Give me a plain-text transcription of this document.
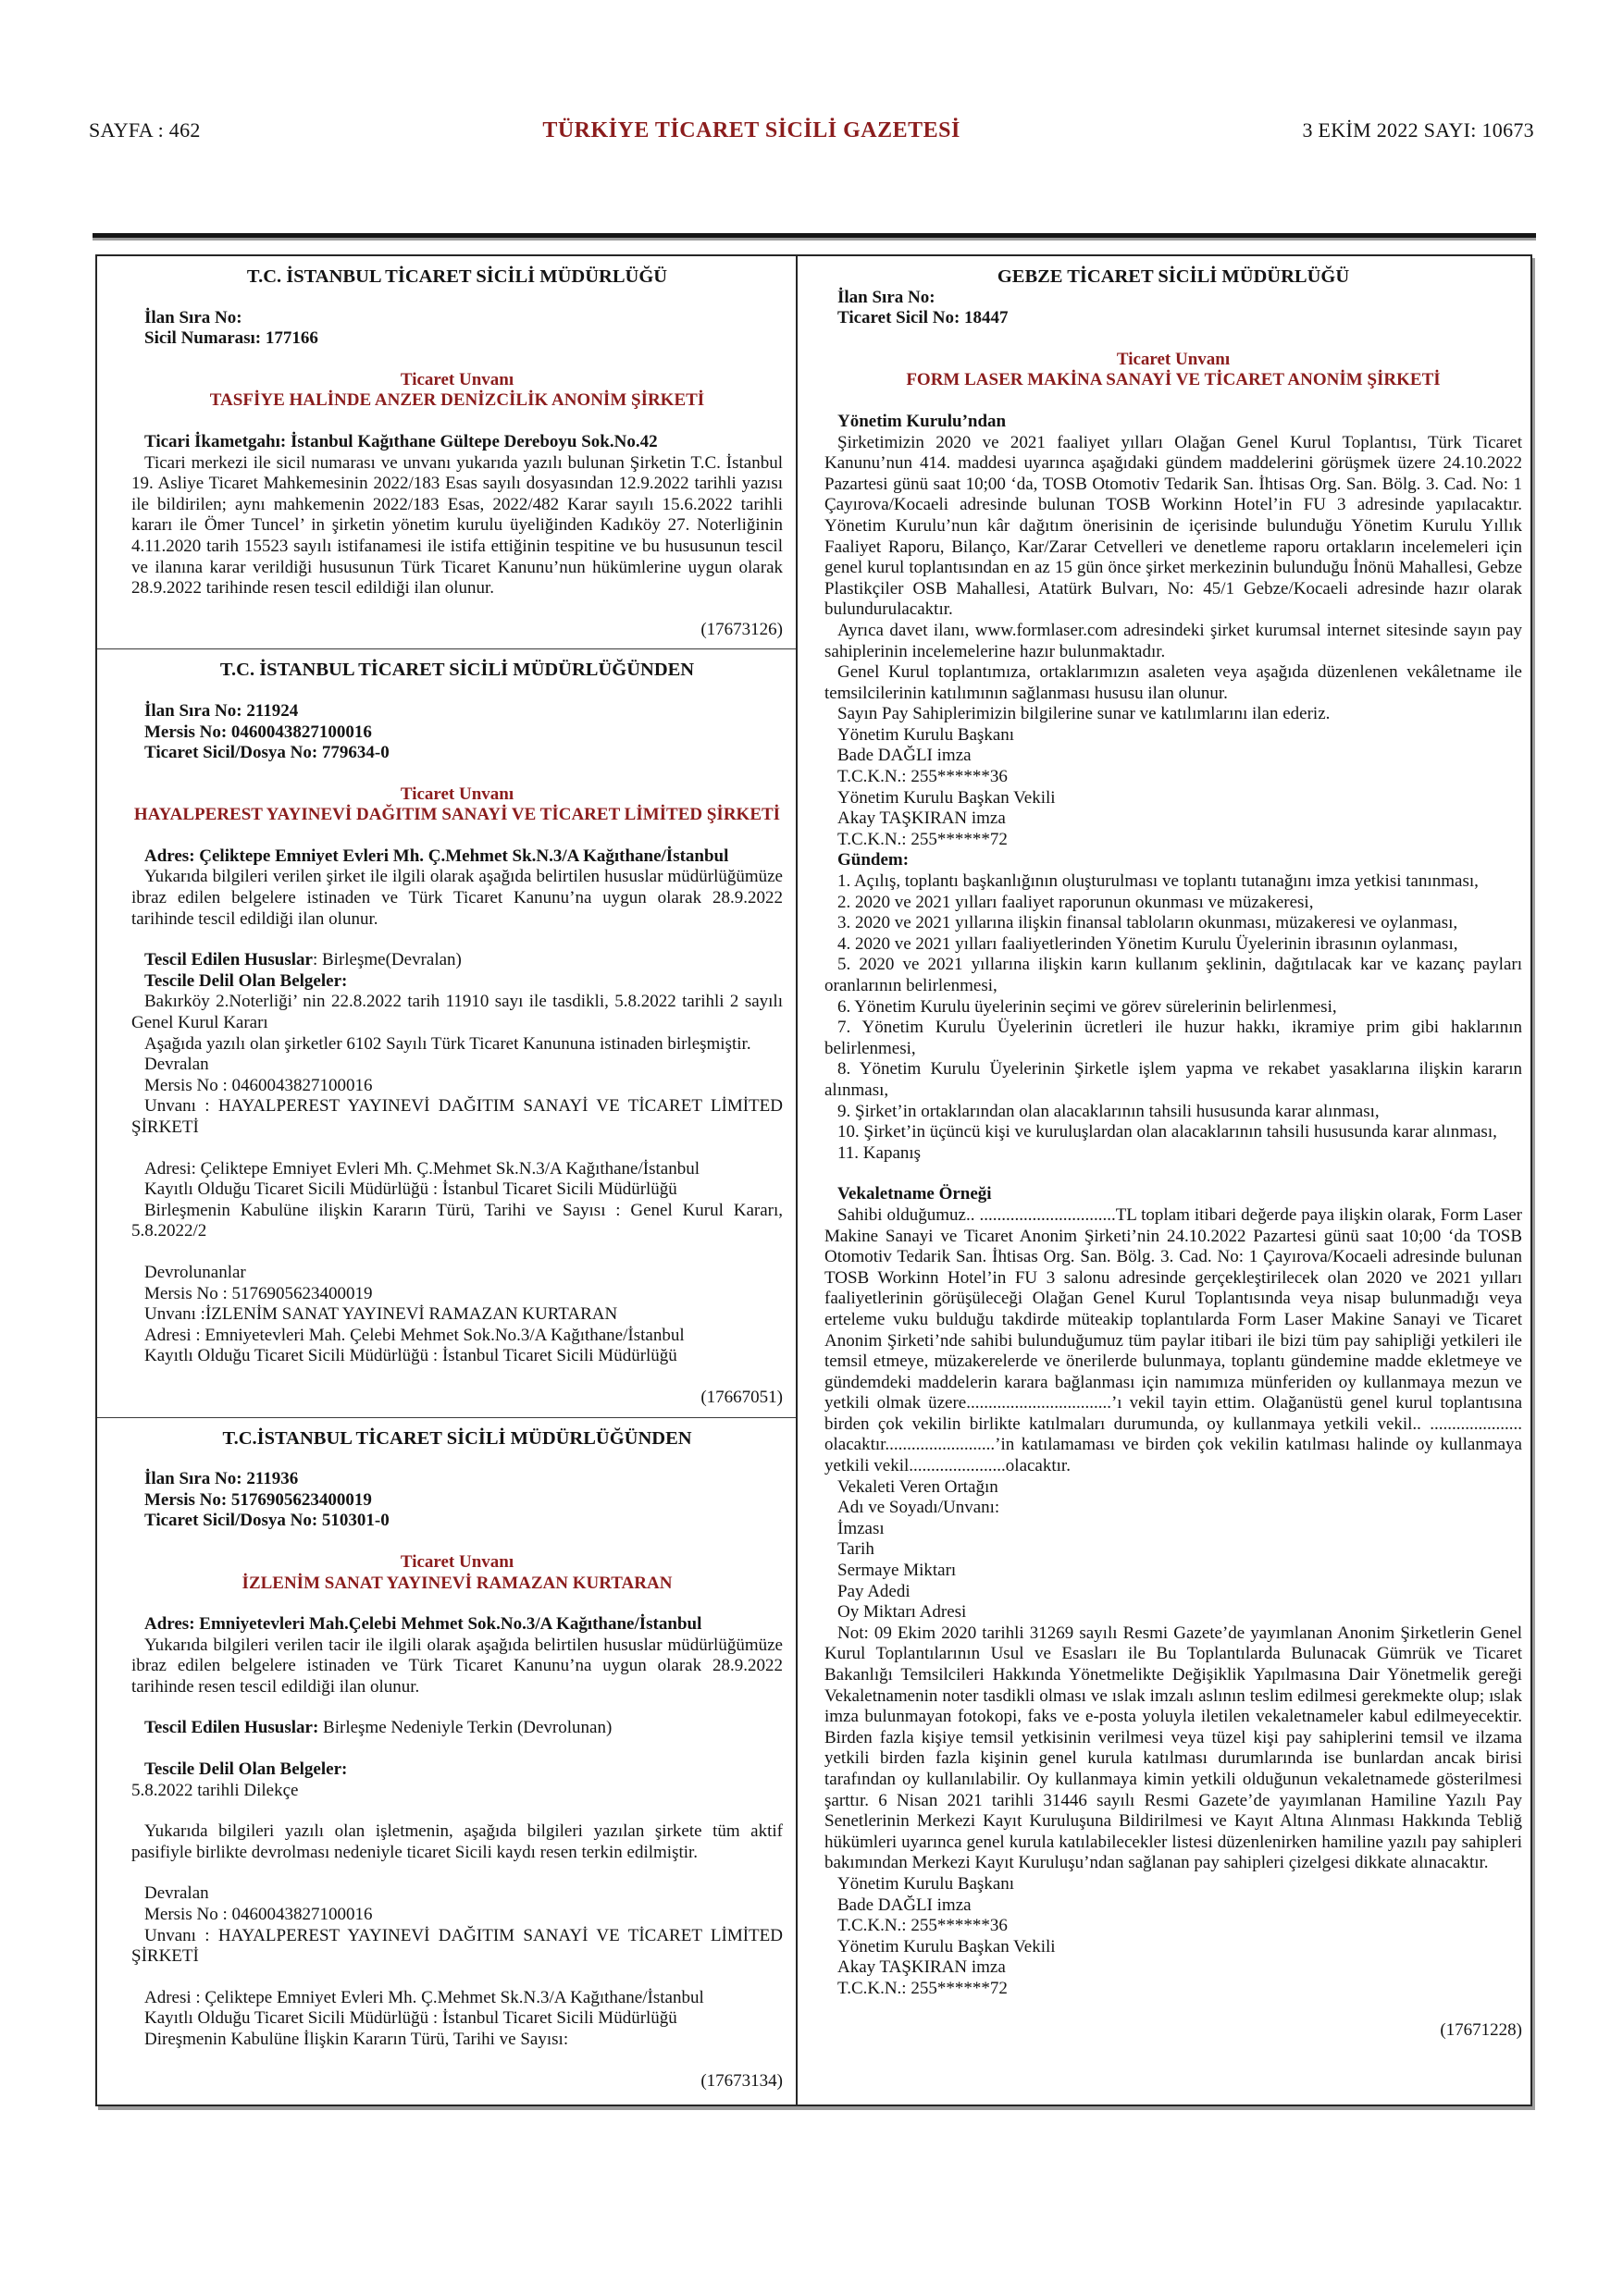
SAYFA : 462	TÜRKİYE TİCARET SİCİLİ GAZETESİ	3 EKİM 2022 SAYI: 10673
T.C. İSTANBUL TİCARET SİCİLİ MÜDÜRLÜĞÜ
İlan Sıra No:
Sicil Numarası: 177166
Ticaret Unvanı
TASFİYE HALİNDE ANZER DENİZCİLİK ANONİM ŞİRKETİ

Ticari İkametgahı: İstanbul Kağıthane Gültepe Dereboyu Sok.No.42

Ticari merkezi ile sicil numarası ve unvanı yukarıda yazılı bulunan Şirketin T.C. İstanbul 19. Asliye Ticaret Mahkemesinin 2022/183 Esas sayılı dosyasından 12.9.2022 tarihli yazısı ile bildirilen; aynı mahkemenin 2022/183 Esas, 2022/482 Karar sayılı 15.6.2022 tarihli kararı ile Ömer Tuncel’ in şirketin yönetim kurulu üyeliğinden Kadıköy 27. Noterliğinin 4.11.2020 tarih 15523 sayılı istifanamesi ile istifa ettiğinin tespitine ve bu hususunun tescil ve ilanına karar verildiği hususunun Türk Ticaret Kanunu’nun hükümlerine uygun olarak 28.9.2022 tarihinde resen tescil edildiği ilan olunur.

(17673126)

T.C. İSTANBUL TİCARET SİCİLİ MÜDÜRLÜĞÜNDEN
İlan Sıra No: 211924
Mersis No: 0460043827100016
Ticaret Sicil/Dosya No: 779634-0
Ticaret Unvanı
HAYALPEREST YAYINEVİ DAĞITIM SANAYİ VE TİCARET LİMİTED ŞİRKETİ

Adres: Çeliktepe Emniyet Evleri Mh. Ç.Mehmet Sk.N.3/A Kağıthane/İstanbul

Yukarıda bilgileri verilen şirket ile ilgili olarak aşağıda belirtilen hususlar müdürlüğümüze ibraz edilen belgelere istinaden ve Türk Ticaret Kanunu’na uygun olarak 28.9.2022 tarihinde tescil edildiği ilan olunur.

Tescil Edilen Hususlar: Birleşme(Devralan)

Tescile Delil Olan Belgeler:

Bakırköy 2.Noterliği’ nin 22.8.2022 tarih 11910 sayı ile tasdikli, 5.8.2022 tarihli 2 sayılı Genel Kurul Kararı

Aşağıda yazılı olan şirketler 6102 Sayılı Türk Ticaret Kanununa istinaden birleşmiştir.

Devralan

Mersis No : 0460043827100016

Unvanı : HAYALPEREST YAYINEVİ DAĞITIM SANAYİ VE TİCARET LİMİTED ŞİRKETİ

Adresi: Çeliktepe Emniyet Evleri Mh. Ç.Mehmet Sk.N.3/A Kağıthane/İstanbul

Kayıtlı Olduğu Ticaret Sicili Müdürlüğü : İstanbul Ticaret Sicili Müdürlüğü

Birleşmenin Kabulüne ilişkin Kararın Türü, Tarihi ve Sayısı : Genel Kurul Kararı, 5.8.2022/2

Devrolunanlar

Mersis No : 5176905623400019

Unvanı :İZLENİM SANAT YAYINEVİ RAMAZAN KURTARAN

Adresi : Emniyetevleri Mah. Çelebi Mehmet Sok.No.3/A Kağıthane/İstanbul

Kayıtlı Olduğu Ticaret Sicili Müdürlüğü : İstanbul Ticaret Sicili Müdürlüğü

(17667051)

T.C.İSTANBUL TİCARET SİCİLİ MÜDÜRLÜĞÜNDEN
İlan Sıra No: 211936
Mersis No: 5176905623400019
Ticaret Sicil/Dosya No: 510301-0
Ticaret Unvanı
İZLENİM SANAT YAYINEVİ RAMAZAN KURTARAN

Adres: Emniyetevleri Mah.Çelebi Mehmet Sok.No.3/A Kağıthane/İstanbul

Yukarıda bilgileri verilen tacir ile ilgili olarak aşağıda belirtilen hususlar müdürlüğümüze ibraz edilen belgelere istinaden ve Türk Ticaret Kanunu’na uygun olarak 28.9.2022 tarihinde resen tescil edildiği ilan olunur.

Tescil Edilen Hususlar: Birleşme Nedeniyle Terkin (Devrolunan)

Tescile Delil Olan Belgeler:

5.8.2022 tarihli Dilekçe

Yukarıda bilgileri yazılı olan işletmenin, aşağıda bilgileri yazılan şirkete tüm aktif pasifiyle birlikte devrolması nedeniyle ticaret Sicili kaydı resen terkin edilmiştir.

Devralan

Mersis No : 0460043827100016

Unvanı : HAYALPEREST YAYINEVİ DAĞITIM SANAYİ VE TİCARET LİMİTED ŞİRKETİ

Adresi : Çeliktepe Emniyet Evleri Mh. Ç.Mehmet Sk.N.3/A Kağıthane/İstanbul

Kayıtlı Olduğu Ticaret Sicili Müdürlüğü : İstanbul Ticaret Sicili Müdürlüğü

Direşmenin Kabulüne İlişkin Kararın Türü, Tarihi ve Sayısı:

(17673134)

GEBZE TİCARET SİCİLİ MÜDÜRLÜĞÜ
İlan Sıra No:
Ticaret Sicil No: 18447
Ticaret Unvanı
FORM LASER MAKİNA SANAYİ VE TİCARET ANONİM ŞİRKETİ

Yönetim Kurulu’ndan

Şirketimizin 2020 ve 2021 faaliyet yılları Olağan Genel Kurul Toplantısı, Türk Ticaret Kanunu’nun 414. maddesi uyarınca aşağıdaki gündem maddelerini görüşmek üzere 24.10.2022 Pazartesi günü saat 10;00 ‘da, TOSB Otomotiv Tedarik San. İhtisas Org. San. Bölg. 3. Cad. No: 1 Çayırova/Kocaeli adresinde bulunan TOSB Workinn Hotel’in FU 3 adresinde yapılacaktır. Yönetim Kurulu’nun kâr dağıtım önerisinin de içerisinde bulunduğu Yönetim Kurulu Yıllık Faaliyet Raporu, Bilanço, Kar/Zarar Cetvelleri ve denetleme raporu ortakların incelemeleri için genel kurul toplantısından en az 15 gün önce şirket merkezinin bulunduğu İnönü Mahallesi, Gebze Plastikçiler OSB Mahallesi, Atatürk Bulvarı, No: 45/1 Gebze/Kocaeli adresinde hazır olarak bulundurulacaktır.

Ayrıca davet ilanı, www.formlaser.com adresindeki şirket kurumsal internet sitesinde sayın pay sahiplerinin incelemelerine hazır bulunmaktadır.

Genel Kurul toplantımıza, ortaklarımızın asaleten veya aşağıda düzenlenen vekâletname ile temsilcilerinin katılımının sağlanması hususu ilan olunur.

Sayın Pay Sahiplerimizin bilgilerine sunar ve katılımlarını ilan ederiz.

Yönetim Kurulu Başkanı

Bade DAĞLI imza

T.C.K.N.: 255******36

Yönetim Kurulu Başkan Vekili

Akay TAŞKIRAN imza

T.C.K.N.: 255******72

Gündem:

1. Açılış, toplantı başkanlığının oluşturulması ve toplantı tutanağını imza yetkisi tanınması,

2. 2020 ve 2021 yılları faaliyet raporunun okunması ve müzakeresi,

3. 2020 ve 2021 yıllarına ilişkin finansal tabloların okunması, müzakeresi ve oylanması,

4. 2020 ve 2021 yılları faaliyetlerinden Yönetim Kurulu Üyelerinin ibrasının oylanması,

5. 2020 ve 2021 yıllarına ilişkin karın kullanım şeklinin, dağıtılacak kar ve kazanç payları oranlarının belirlenmesi,

6. Yönetim Kurulu üyelerinin seçimi ve görev sürelerinin belirlenmesi,

7. Yönetim Kurulu Üyelerinin ücretleri ile huzur hakkı, ikramiye prim gibi haklarının belirlenmesi,

8. Yönetim Kurulu Üyelerinin Şirketle işlem yapma ve rekabet yasaklarına ilişkin kararın alınması,

9. Şirket’in ortaklarından olan alacaklarının tahsili hususunda karar alınması,

10. Şirket’in üçüncü kişi ve kuruluşlardan olan alacaklarının tahsili hususunda karar alınması,

11. Kapanış

Vekaletname Örneği

Sahibi olduğumuz.. ...............................TL toplam itibari değerde paya ilişkin olarak, Form Laser Makine Sanayi ve Ticaret Anonim Şirketi’nin 24.10.2022 Pazartesi günü saat 10;00 ‘da TOSB Otomotiv Tedarik San. İhtisas Org. San. Bölg. 3. Cad. No: 1 Çayırova/Kocaeli adresinde bulunan TOSB Workinn Hotel’in FU 3 salonu adresinde gerçekleştirilecek olan 2020 ve 2021 yılları faaliyetlerinin görüşüleceği Olağan Genel Kurul Toplantısında veya nisap bulunmadığı veya erteleme vuku bulduğu takdirde müteakip toplantılarda Form Laser Makine Sanayi ve Ticaret Anonim Şirketi’nde sahibi bulunduğumuz tüm paylar itibari ile bizi tüm pay sahipliği yetkileri ile temsil etmeye, müzakerelerde ve önerilerde bulunmaya, toplantı gündemine madde ekletmeye ve gündemdeki maddelerin karara bağlanması için namımıza münferiden oy kullanmaya mezun ve yetkili olmak üzere.................................’ı vekil tayin ettim. Olağanüstü genel kurul toplantısına birden çok vekilin birlikte katılmaları durumunda, oy kullanmaya yetkili vekil.. ..................... olacaktır.........................’in katılamaması ve birden çok vekilin katılması halinde oy kullanmaya yetkili vekil......................olacaktır.

Vekaleti Veren Ortağın

Adı ve Soyadı/Unvanı:

İmzası

Tarih

Sermaye Miktarı

Pay Adedi

Oy Miktarı Adresi

Not: 09 Ekim 2020 tarihli 31269 sayılı Resmi Gazete’de yayımlanan Anonim Şirketlerin Genel Kurul Toplantılarının Usul ve Esasları ile Bu Toplantılarda Bulunacak Gümrük ve Ticaret Bakanlığı Temsilcileri Hakkında Yönetmelikte Değişiklik Yapılmasına Dair Yönetmelik gereği Vekaletnamenin noter tasdikli olması ve ıslak imzalı aslının teslim edilmesi gerekmekte olup; ıslak imza bulunmayan fotokopi, faks ve e-posta yoluyla iletilen vekaletnameler kabul edilmeyecektir. Birden fazla kişiye temsil yetkisinin verilmesi veya tüzel kişi pay sahiplerini temsil ve ilzama yetkili birden fazla kişinin genel kurula katılması durumlarında ise bunlardan ancak birisi tarafından oy kullanılabilir. Oy kullanmaya kimin yetkili olduğunun vekaletnamede gösterilmesi şarttır. 6 Nisan 2021 tarihli 31446 sayılı Resmi Gazete’de yayımlanan Hamiline Yazılı Pay Senetlerinin Merkezi Kayıt Kuruluşuna Bildirilmesi ve Kayıt Altına Alınması Hakkında Tebliğ hükümleri uyarınca genel kurula katılabilecekler listesi düzenlenirken hamiline yazılı pay sahipleri bakımından Merkezi Kayıt Kuruluşu’ndan sağlanan pay sahipleri çizelgesi dikkate alınacaktır.

Yönetim Kurulu Başkanı

Bade DAĞLI imza

T.C.K.N.: 255******36

Yönetim Kurulu Başkan Vekili

Akay TAŞKIRAN imza

T.C.K.N.: 255******72

(17671228)
